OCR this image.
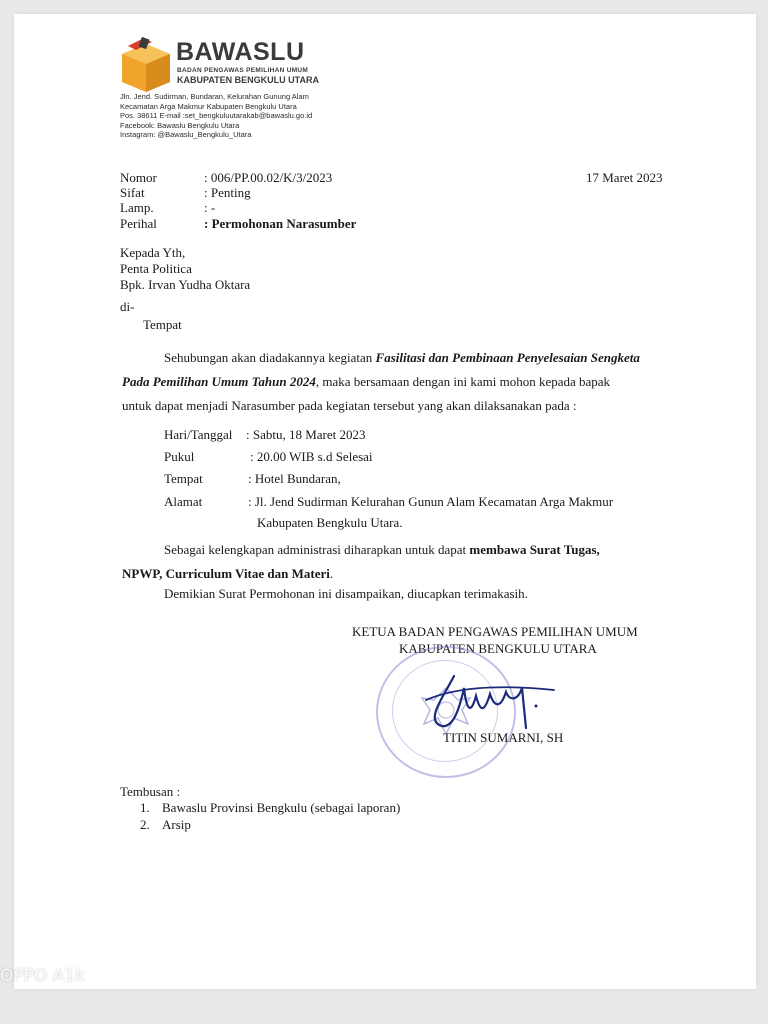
BAWASLU
BADAN PENGAWAS PEMILIHAN UMUM
KABUPATEN BENGKULU UTARA
Jln. Jend. Sudirman, Bundaran, Kelurahan Gunung Alam
Kecamatan Arga Makmur Kabupaten Bengkulu Utara
Pos. 38611 E-mail :set_bengkuluutarakab@bawaslu.go.id
Facebook: Bawaslu Bengkulu Utara
Instagram: @Bawaslu_Bengkulu_Utara
Nomor	: 006/PP.00.02/K/3/2023	17 Maret 2023
Sifat	: Penting
Lamp.	: -
Perihal	: Permohonan Narasumber
Kepada Yth,
Penta Politica
Bpk. Irvan Yudha Oktara
di-
Tempat
Sehubungan akan diadakannya kegiatan Fasilitasi dan Pembinaan Penyelesaian Sengketa
Pada Pemilihan Umum Tahun 2024, maka bersamaan dengan ini kami mohon kepada bapak
untuk dapat menjadi Narasumber pada kegiatan tersebut yang akan dilaksanakan pada :
Hari/Tanggal : Sabtu, 18 Maret 2023
Pukul	: 20.00 WIB s.d Selesai
Tempat	: Hotel Bundaran,
Alamat	: Jl. Jend Sudirman Kelurahan Gunun Alam Kecamatan Arga Makmur
Kabupaten Bengkulu Utara.
Sebagai kelengkapan administrasi diharapkan untuk dapat membawa Surat Tugas,
NPWP, Curriculum Vitae dan Materi.
Demikian Surat Permohonan ini disampaikan, diucapkan terimakasih.
KETUA BADAN PENGAWAS PEMILIHAN UMUM
KABUPATEN BENGKULU UTARA
TITIN SUMARNI, SH
Tembusan :
1. Bawaslu Provinsi Bengkulu (sebagai laporan)
2. Arsip
OPPO A1k
